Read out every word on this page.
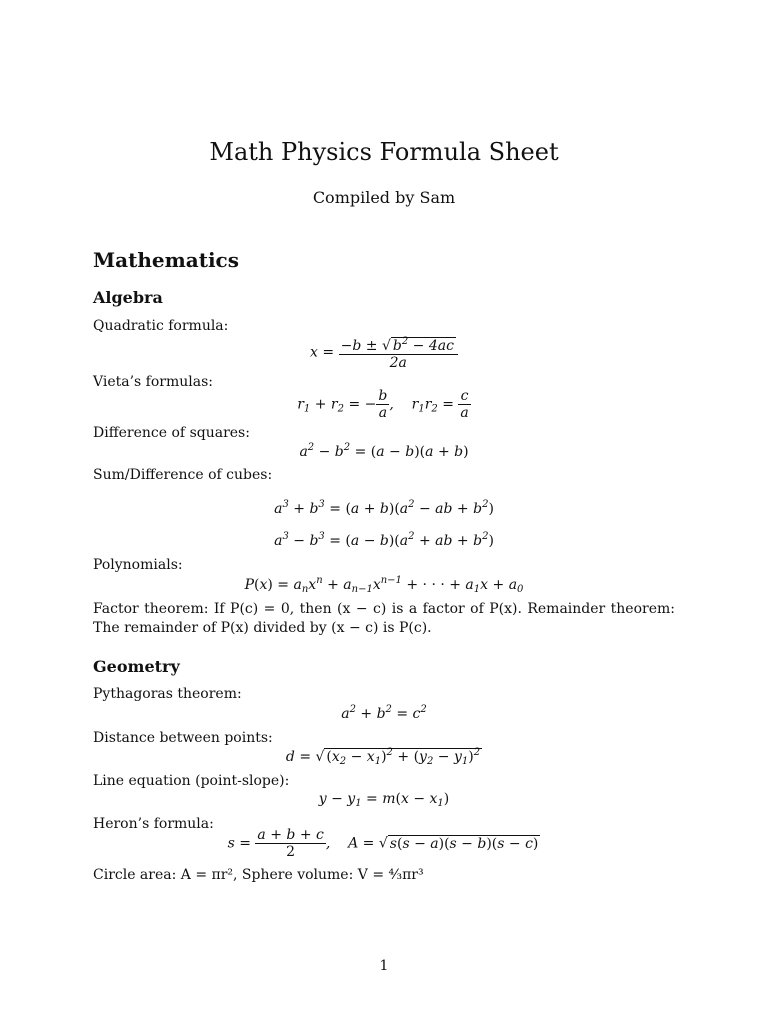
Math Physics Formula Sheet
Compiled by Sam
Mathematics
Algebra
Quadratic formula:
$x = \frac{-b \pm √ b^2 - 4ac}{2a}$
Vieta’s formulas:
$r_1 + r_2$ = − $\frac{b}{a}$ ,    $r_1r_2 = \frac{c}{a}$
Difference of squares:
$a^2 - b^2 = (a - b)(a + b)$
Sum/Difference of cubes:
$a^3 + b^3 = (a + b)(a^2$ − ab + $b^2$)
$a^3 - b^3 = (a - b)(a^2$ + ab + $b^2$)
Polynomials:
$P(x) = a_nx^n + a_{n-1}x^{n-1}$ + · · · + $a_1x + a_0$
Factor theorem: If P(c) = 0, then (x − c) is a factor of P(x). Remainder theorem: The remainder of P(x) divided by (x − c) is P(c).
Geometry
Pythagoras theorem:
$a^2 + b^2 = c^2$
Distance between points:
d = √ $(x_2 - x_1)^2 + (y_2 - y_1)^2$
Line equation (point-slope):
$y - y_1 = m(x - x_1)$
Heron’s formula:
$s = \frac{a + b + c}{2}$ ,    A = √ s(s − a)(s − b)(s − c)
Circle area: A = πr², Sphere volume: V = ⁴⁄₃πr³
1
